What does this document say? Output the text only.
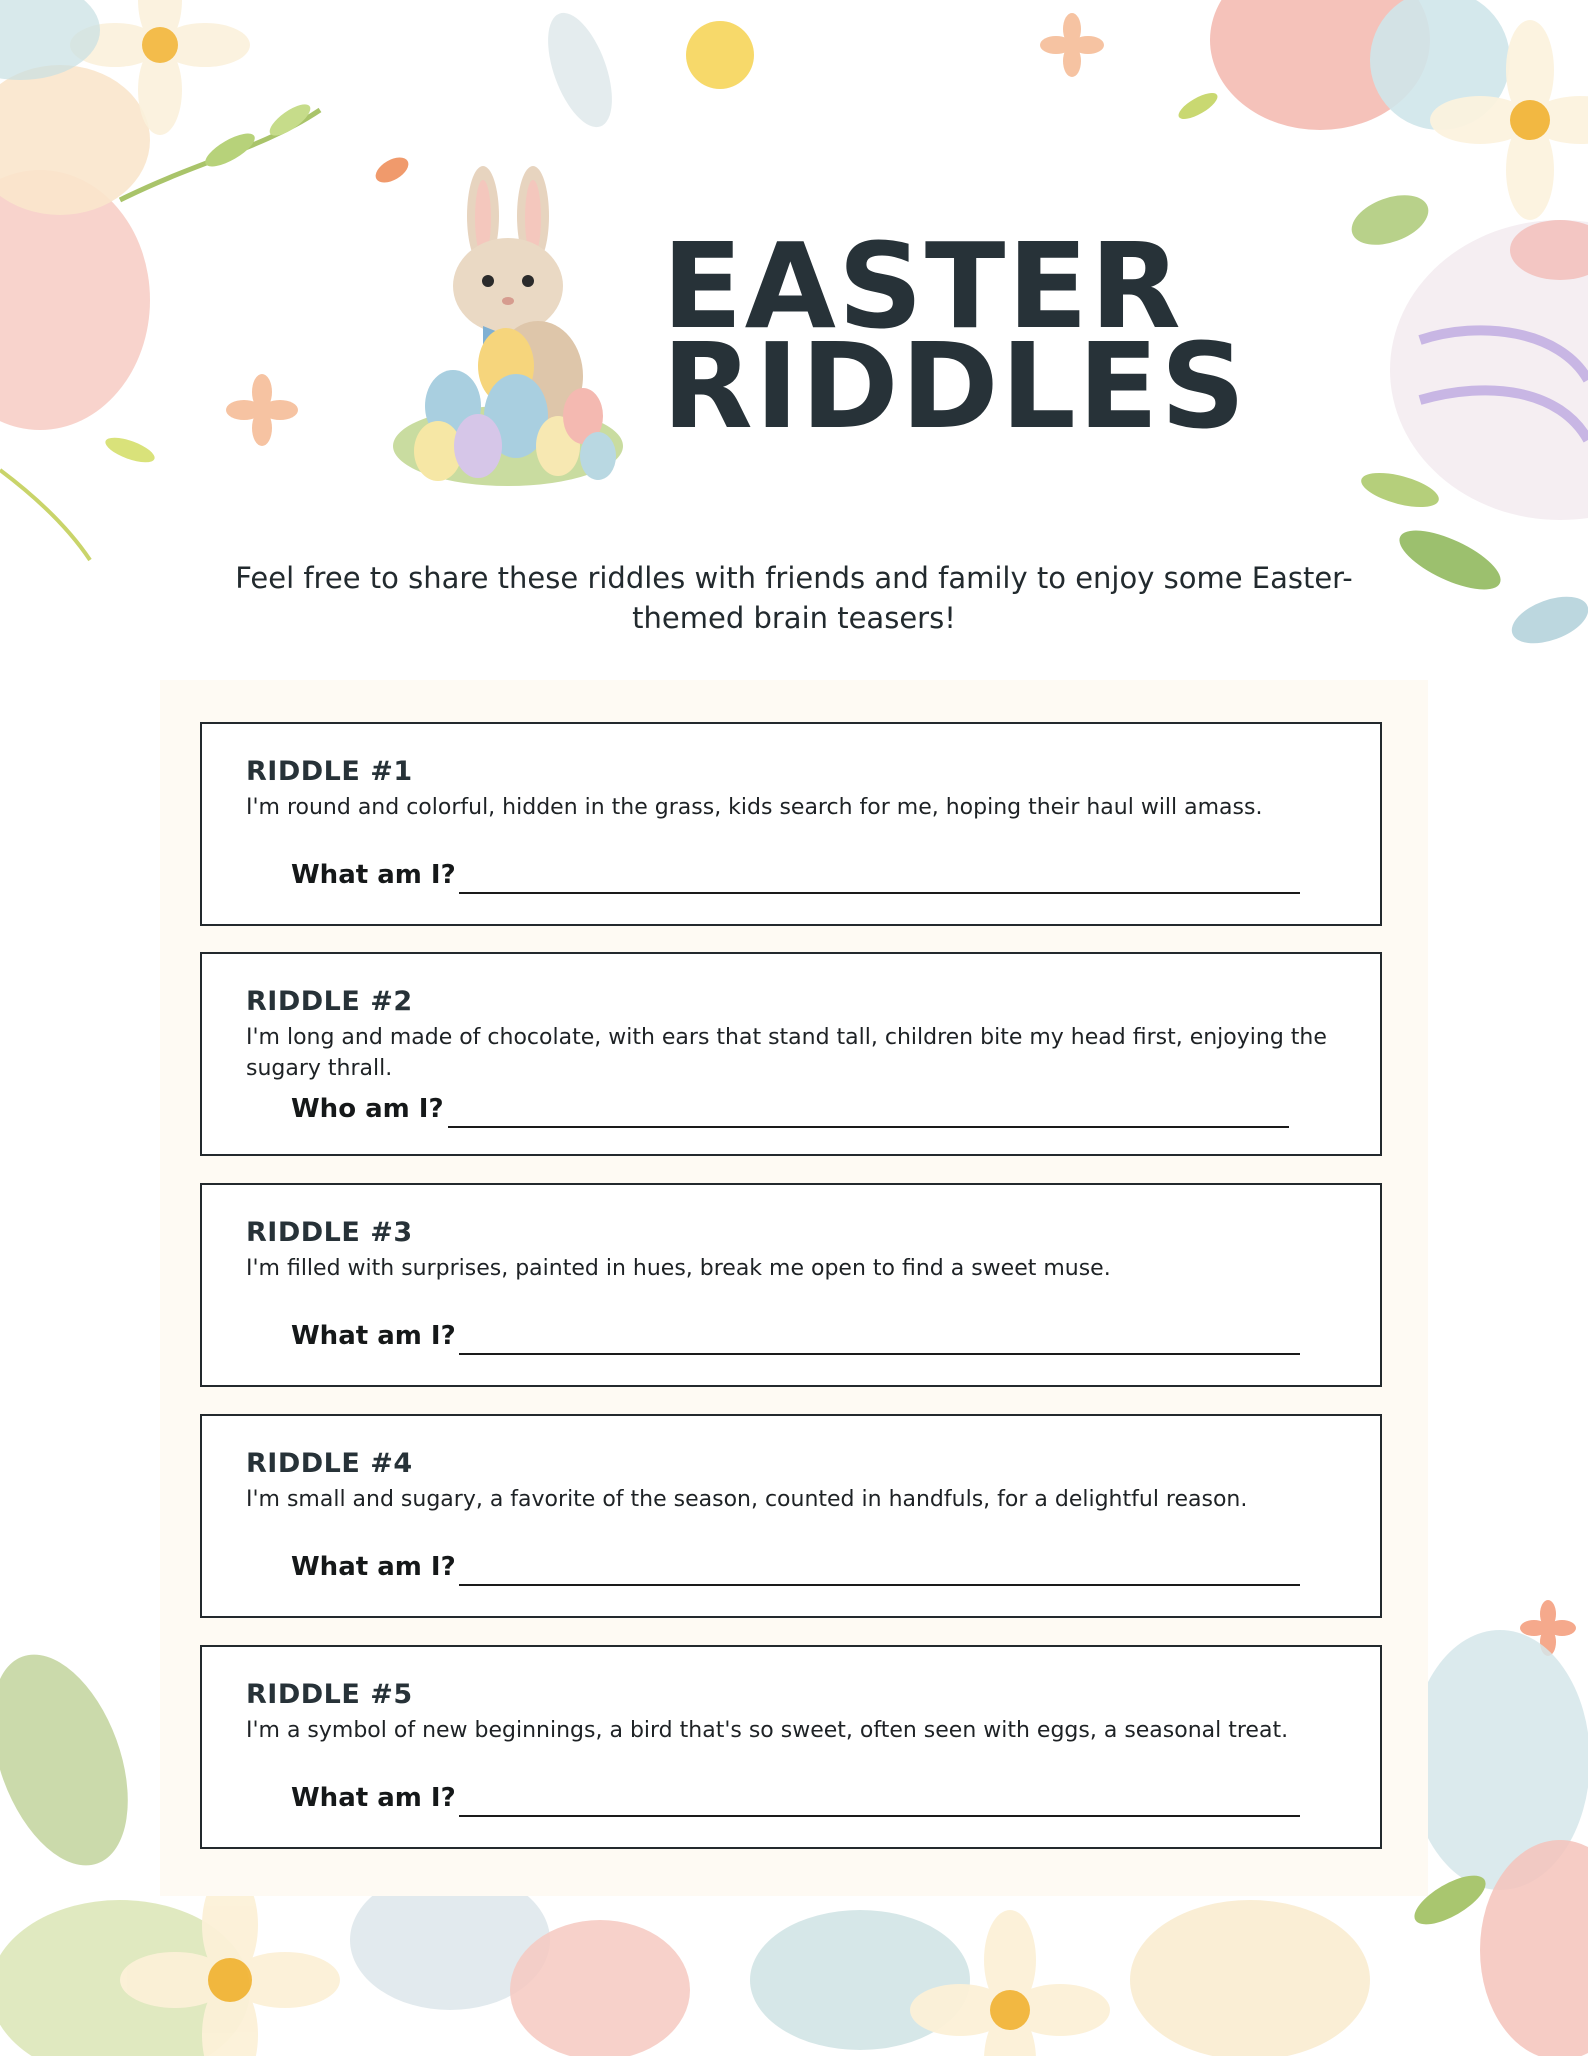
EASTER
RIDDLES
Feel free to share these riddles with friends and family to enjoy some Easter-themed brain teasers!
RIDDLE #1
I'm round and colorful, hidden in the grass, kids search for me, hoping their haul will amass.
What am I?
RIDDLE #2
I'm long and made of chocolate, with ears that stand tall, children bite my head first, enjoying the sugary thrall.
Who am I?
RIDDLE #3
I'm filled with surprises, painted in hues, break me open to find a sweet muse.
What am I?
RIDDLE #4
I'm small and sugary, a favorite of the season, counted in handfuls, for a delightful reason.
What am I?
RIDDLE #5
I'm a symbol of new beginnings, a bird that's so sweet, often seen with eggs, a seasonal treat.
What am I?
